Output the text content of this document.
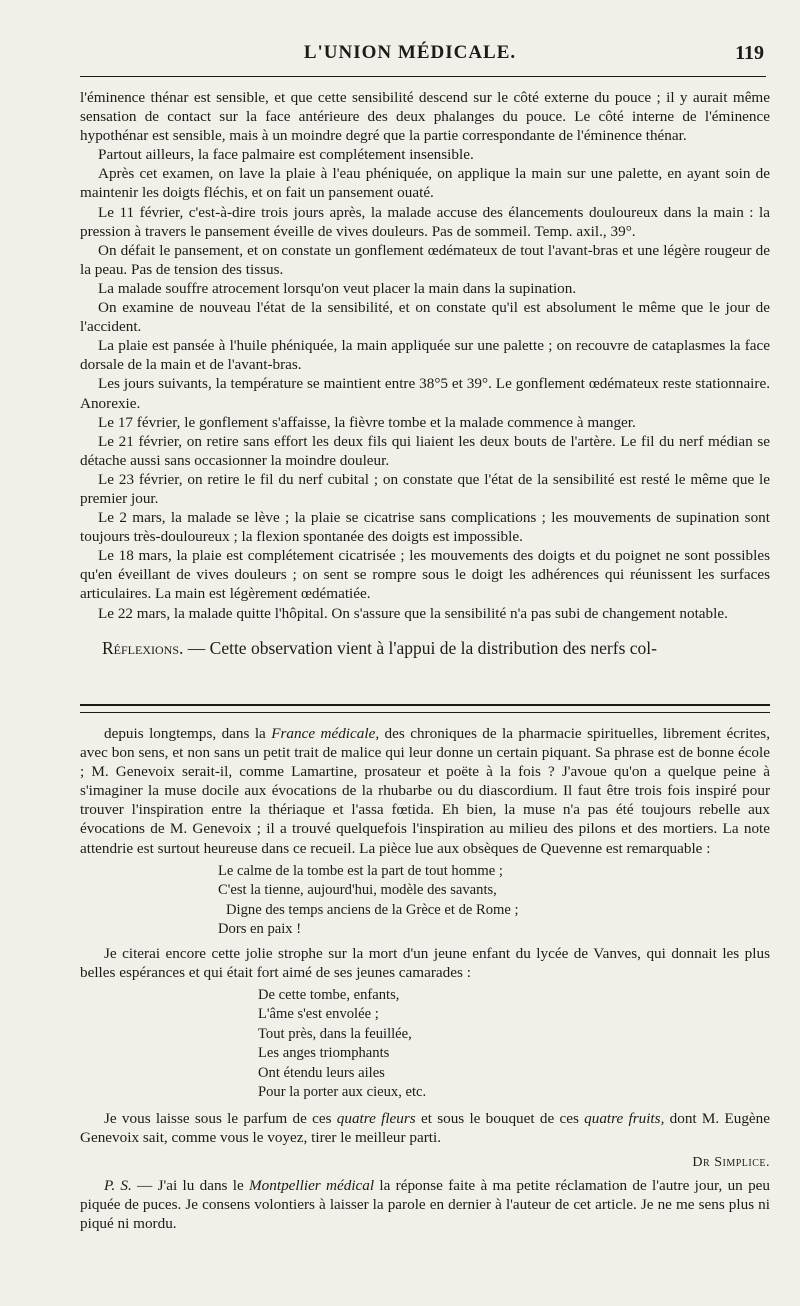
L'UNION MÉDICALE.	119

l'éminence thénar est sensible, et que cette sensibilité descend sur le côté externe du pouce ; il y aurait même sensation de contact sur la face antérieure des deux phalanges du pouce. Le côté interne de l'éminence hypothénar est sensible, mais à un moindre degré que la partie correspondante de l'éminence thénar.

Partout ailleurs, la face palmaire est complétement insensible.

Après cet examen, on lave la plaie à l'eau phéniquée, on applique la main sur une palette, en ayant soin de maintenir les doigts fléchis, et on fait un pansement ouaté.

Le 11 février, c'est-à-dire trois jours après, la malade accuse des élancements douloureux dans la main : la pression à travers le pansement éveille de vives douleurs. Pas de sommeil. Temp. axil., 39°.

On défait le pansement, et on constate un gonflement œdémateux de tout l'avant-bras et une légère rougeur de la peau. Pas de tension des tissus.

La malade souffre atrocement lorsqu'on veut placer la main dans la supination.

On examine de nouveau l'état de la sensibilité, et on constate qu'il est absolument le même que le jour de l'accident.

La plaie est pansée à l'huile phéniquée, la main appliquée sur une palette ; on recouvre de cataplasmes la face dorsale de la main et de l'avant-bras.

Les jours suivants, la température se maintient entre 38°5 et 39°. Le gonflement œdémateux reste stationnaire. Anorexie.

Le 17 février, le gonflement s'affaisse, la fièvre tombe et la malade commence à manger.

Le 21 février, on retire sans effort les deux fils qui liaient les deux bouts de l'artère. Le fil du nerf médian se détache aussi sans occasionner la moindre douleur.

Le 23 février, on retire le fil du nerf cubital ; on constate que l'état de la sensibilité est resté le même que le premier jour.

Le 2 mars, la malade se lève ; la plaie se cicatrise sans complications ; les mouvements de supination sont toujours très-douloureux ; la flexion spontanée des doigts est impossible.

Le 18 mars, la plaie est complétement cicatrisée ; les mouvements des doigts et du poignet ne sont possibles qu'en éveillant de vives douleurs ; on sent se rompre sous le doigt les adhérences qui réunissent les surfaces articulaires. La main est légèrement œdématiée.

Le 22 mars, la malade quitte l'hôpital. On s'assure que la sensibilité n'a pas subi de changement notable.

Réflexions. — Cette observation vient à l'appui de la distribution des nerfs col-

depuis longtemps, dans la France médicale, des chroniques de la pharmacie spirituelles, librement écrites, avec bon sens, et non sans un petit trait de malice qui leur donne un certain piquant. Sa phrase est de bonne école ; M. Genevoix serait-il, comme Lamartine, prosateur et poëte à la fois ? J'avoue qu'on a quelque peine à s'imaginer la muse docile aux évocations de la rhubarbe ou du diascordium. Il faut être trois fois inspiré pour trouver l'inspiration entre la thériaque et l'assa fœtida. Eh bien, la muse n'a pas été toujours rebelle aux évocations de M. Genevoix ; il a trouvé quelquefois l'inspiration au milieu des pilons et des mortiers. La note attendrie est surtout heureuse dans ce recueil. La pièce lue aux obsèques de Quevenne est remarquable :

Le calme de la tombe est la part de tout homme ;
C'est la tienne, aujourd'hui, modèle des savants,
Digne des temps anciens de la Grèce et de Rome ;
Dors en paix !

Je citerai encore cette jolie strophe sur la mort d'un jeune enfant du lycée de Vanves, qui donnait les plus belles espérances et qui était fort aimé de ses jeunes camarades :

De cette tombe, enfants,
L'âme s'est envolée ;
Tout près, dans la feuillée,
Les anges triomphants
Ont étendu leurs ailes
Pour la porter aux cieux, etc.

Je vous laisse sous le parfum de ces quatre fleurs et sous le bouquet de ces quatre fruits, dont M. Eugène Genevoix sait, comme vous le voyez, tirer le meilleur parti.

Dr Simplice.

P. S. — J'ai lu dans le Montpellier médical la réponse faite à ma petite réclamation de l'autre jour, un peu piquée de puces. Je consens volontiers à laisser la parole en dernier à l'auteur de cet article. Je ne me sens plus ni piqué ni mordu.
